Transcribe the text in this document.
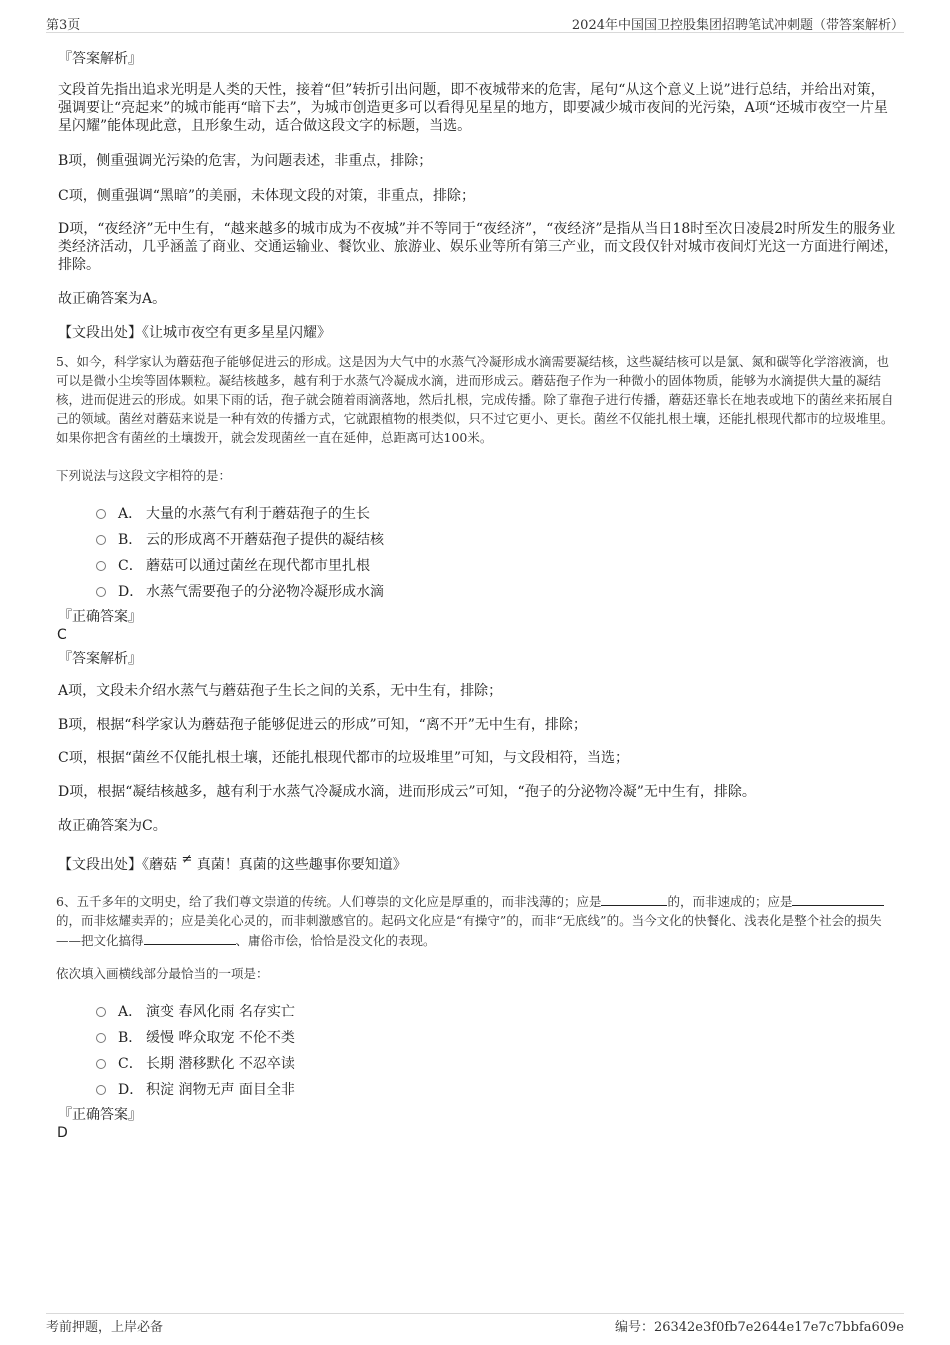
第3页	2024年中国国卫控股集团招聘笔试冲刺题（带答案解析）
『答案解析』
文段首先指出追求光明是人类的天性，接着“但”转折引出问题，即不夜城带来的危害，尾句“从这个意义上说”进行总结，并给出对策，强调要让“亮起来”的城市能再“暗下去”，为城市创造更多可以看得见星星的地方，即要减少城市夜间的光污染，A项“还城市夜空一片星星闪耀”能体现此意，且形象生动，适合做这段文字的标题，当选。
B项，侧重强调光污染的危害，为问题表述，非重点，排除；
C项，侧重强调“黑暗”的美丽，未体现文段的对策，非重点，排除；
D项，“夜经济”无中生有，“越来越多的城市成为不夜城”并不等同于“夜经济”，“夜经济”是指从当日18时至次日凌晨2时所发生的服务业类经济活动，几乎涵盖了商业、交通运输业、餐饮业、旅游业、娱乐业等所有第三产业，而文段仅针对城市夜间灯光这一方面进行阐述，排除。
故正确答案为A。
【文段出处】《让城市夜空有更多星星闪耀》
5、如今，科学家认为蘑菇孢子能够促进云的形成。这是因为大气中的水蒸气冷凝形成水滴需要凝结核，这些凝结核可以是氯、氮和碳等化学溶液滴，也可以是微小尘埃等固体颗粒。凝结核越多，越有利于水蒸气冷凝成水滴，进而形成云。蘑菇孢子作为一种微小的固体物质，能够为水滴提供大量的凝结核，进而促进云的形成。如果下雨的话，孢子就会随着雨滴落地，然后扎根，完成传播。除了靠孢子进行传播，蘑菇还靠长在地表或地下的菌丝来拓展自己的领域。菌丝对蘑菇来说是一种有效的传播方式，它就跟植物的根类似，只不过它更小、更长。菌丝不仅能扎根土壤，还能扎根现代都市的垃圾堆里。如果你把含有菌丝的土壤拨开，就会发现菌丝一直在延伸，总距离可达100米。
下列说法与这段文字相符的是：
A． 大量的水蒸气有利于蘑菇孢子的生长
B． 云的形成离不开蘑菇孢子提供的凝结核
C． 蘑菇可以通过菌丝在现代都市里扎根
D． 水蒸气需要孢子的分泌物冷凝形成水滴
『正确答案』
C
『答案解析』
A项，文段未介绍水蒸气与蘑菇孢子生长之间的关系，无中生有，排除；
B项，根据“科学家认为蘑菇孢子能够促进云的形成”可知，“离不开”无中生有，排除；
C项，根据“菌丝不仅能扎根土壤，还能扎根现代都市的垃圾堆里”可知，与文段相符，当选；
D项，根据“凝结核越多，越有利于水蒸气冷凝成水滴，进而形成云”可知，“孢子的分泌物冷凝”无中生有，排除。
故正确答案为C。
【文段出处】《蘑菇 ≠ 真菌！真菌的这些趣事你要知道》
6、五千多年的文明史，给了我们尊文崇道的传统。人们尊崇的文化应是厚重的，而非浅薄的；应是	的，而非速成的；应是的，而非炫耀卖弄的；应是美化心灵的，而非刺激感官的。起码文化应是“有操守”的，而非“无底线”的。当今文化的快餐化、浅表化是整个社会的损失——把文化搞得	、庸俗市侩，恰恰是没文化的表现。
依次填入画横线部分最恰当的一项是：
A． 演变 春风化雨 名存实亡
B． 缓慢 哗众取宠 不伦不类
C． 长期 潜移默化 不忍卒读
D． 积淀 润物无声 面目全非
『正确答案』
D
考前押题，上岸必备	编号：26342e3f0fb7e2644e17e7c7bbfa609e
